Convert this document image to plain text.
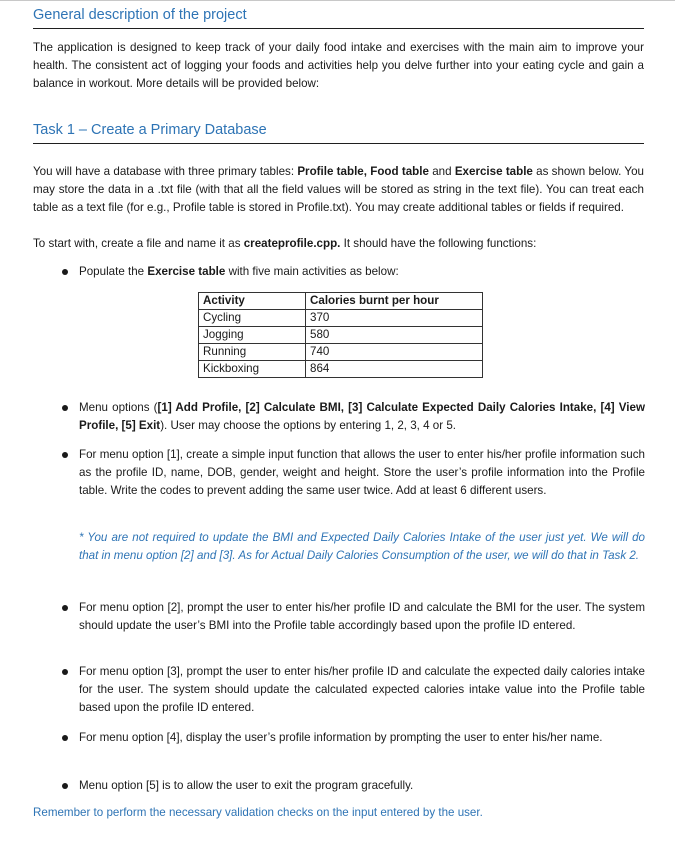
General description of the project

The application is designed to keep track of your daily food intake and exercises with the main aim to improve your health. The consistent act of logging your foods and activities help you delve further into your eating cycle and gain a balance in workout. More details will be provided below:

Task 1 – Create a Primary Database

You will have a database with three primary tables: Profile table, Food table and Exercise table as shown below. You may store the data in a .txt file (with that all the field values will be stored as string in the text file). You can treat each table as a text file (for e.g., Profile table is stored in Profile.txt). You may create additional tables or fields if required.

To start with, create a file and name it as createprofile.cpp. It should have the following functions:

Populate the Exercise table with five main activities as below:
Activity	Calories burnt per hour
Cycling	370
Jogging	580
Running	740
Kickboxing	864
Menu options ([1] Add Profile, [2] Calculate BMI, [3] Calculate Expected Daily Calories Intake, [4] View Profile, [5] Exit). User may choose the options by entering 1, 2, 3, 4 or 5.
For menu option [1], create a simple input function that allows the user to enter his/her profile information such as the profile ID, name, DOB, gender, weight and height. Store the user’s profile information into the Profile table. Write the codes to prevent adding the same user twice. Add at least 6 different users.
* You are not required to update the BMI and Expected Daily Calories Intake of the user just yet. We will do that in menu option [2] and [3]. As for Actual Daily Calories Consumption of the user, we will do that in Task 2.
For menu option [2], prompt the user to enter his/her profile ID and calculate the BMI for the user. The system should update the user’s BMI into the Profile table accordingly based upon the profile ID entered.
For menu option [3], prompt the user to enter his/her profile ID and calculate the expected daily calories intake for the user. The system should update the calculated expected calories intake value into the Profile table based upon the profile ID entered.
For menu option [4], display the user’s profile information by prompting the user to enter his/her name.
Menu option [5] is to allow the user to exit the program gracefully.
Remember to perform the necessary validation checks on the input entered by the user.
